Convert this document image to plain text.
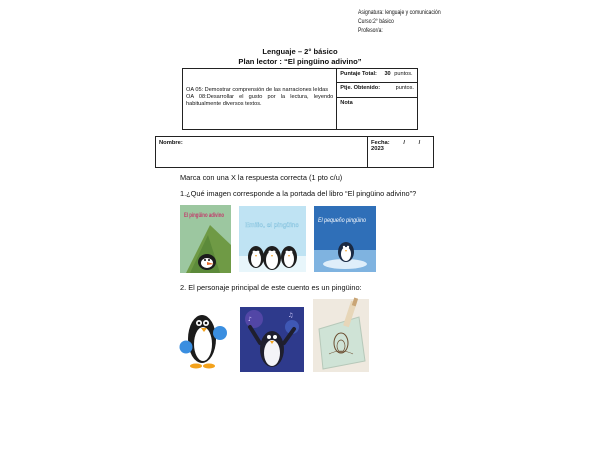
Asignatura: lenguaje y comunicación
Curso:2° básico
Profesor/a:
Lenguaje – 2° básico
Plan lector : “El pingüino adivino”
OA 05: Demostrar comprensión de las narraciones leídas
OA 08:Desarrollar el gusto por la lectura, leyendo habitualmente diversos textos.
	Puntaje Total: 30 puntos.
Ptje. Obtenido:	puntos.
Nota
Nombre:	Fecha: / / 2023
Marca con una X la respuesta correcta (1 pto c/u)
1.¿Qué imagen corresponde a la portada del libro “El pingüino adivino”?
El pingüino adivino
Emilio, el pingüino
El pequeño pingüino
2. El personaje principal de este cuento es un pingüino:
♪
♫
